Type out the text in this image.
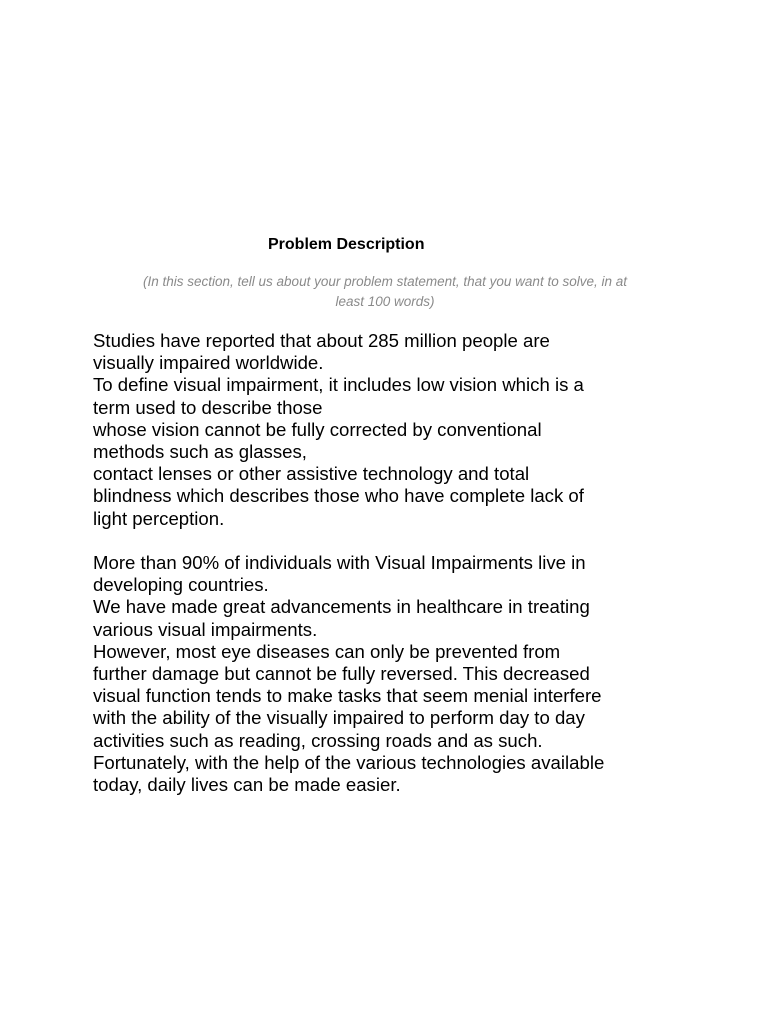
Problem Description
(In this section, tell us about your problem statement, that you want to solve, in at
least 100 words)

Studies have reported that about 285 million people are
visually impaired worldwide.
To define visual impairment, it includes low vision which is a
term used to describe those
whose vision cannot be fully corrected by conventional
methods such as glasses,
contact lenses or other assistive technology and total
blindness which describes those who have complete lack of
light perception.

More than 90% of individuals with Visual Impairments live in
developing countries.
We have made great advancements in healthcare in treating
various visual impairments.
However, most eye diseases can only be prevented from
further damage but cannot be fully reversed. This decreased
visual function tends to make tasks that seem menial interfere
with the ability of the visually impaired to perform day to day
activities such as reading, crossing roads and as such.
Fortunately, with the help of the various technologies available
today, daily lives can be made easier.
